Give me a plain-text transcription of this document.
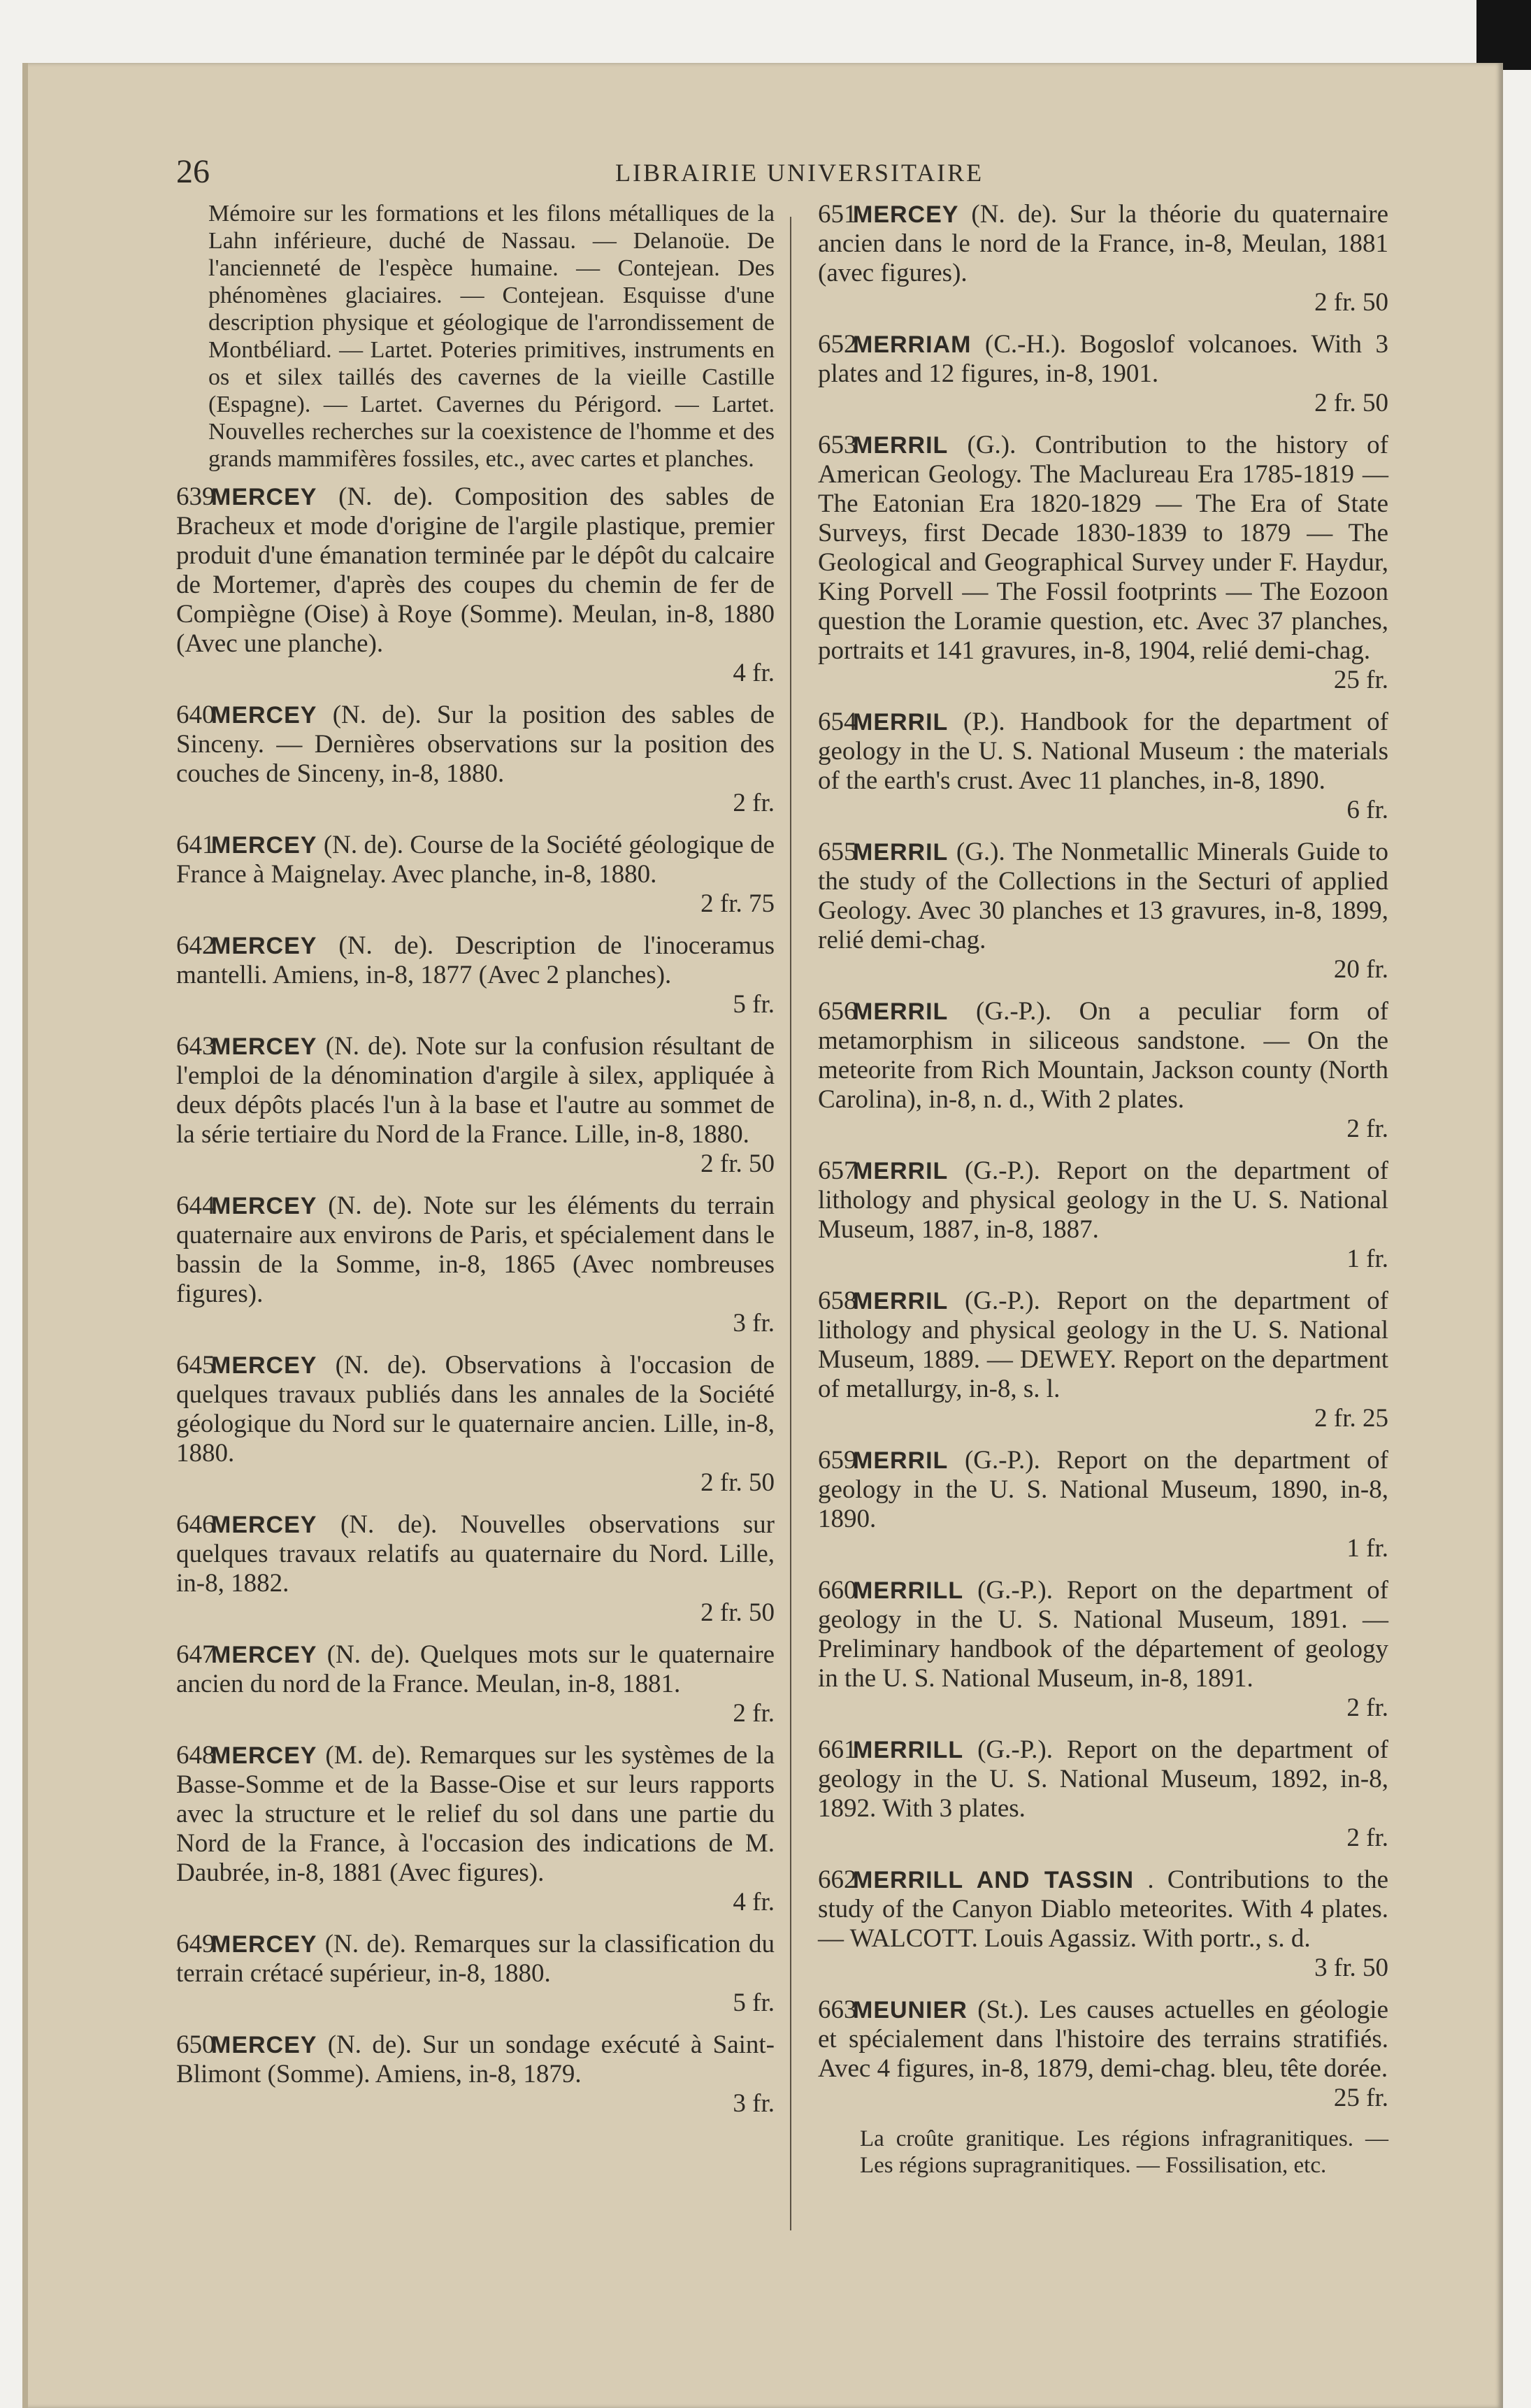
26	LIBRAIRIE UNIVERSITAIRE

Mémoire sur les formations et les filons métalliques de la Lahn inférieure, duché de Nassau. — Delanoüe. De l'ancienneté de l'espèce humaine. — Contejean. Des phénomènes glaciaires. — Contejean. Esquisse d'une description physique et géologique de l'arrondissement de Montbéliard. — Lartet. Poteries primitives, instruments en os et silex taillés des cavernes de la vieille Castille (Espagne). — Lartet. Cavernes du Périgord. — Lartet. Nouvelles recherches sur la coexistence de l'homme et des grands mammifères fossiles, etc., avec cartes et planches.

639MERCEY (N. de). Composition des sables de Bracheux et mode d'origine de l'argile plastique, premier produit d'une émanation terminée par le dépôt du calcaire de Mortemer, d'après des coupes du chemin de fer de Compiègne (Oise) à Roye (Somme). Meulan, in-8, 1880 (Avec une planche).
4 fr.
640MERCEY (N. de). Sur la position des sables de Sinceny. — Dernières observations sur la position des couches de Sinceny, in-8, 1880.
2 fr.
641MERCEY (N. de). Course de la Société géologique de France à Maignelay. Avec planche, in-8, 1880.
2 fr. 75
642MERCEY (N. de). Description de l'inoceramus mantelli. Amiens, in-8, 1877 (Avec 2 planches).
5 fr.
643MERCEY (N. de). Note sur la confusion résultant de l'emploi de la dénomination d'argile à silex, appliquée à deux dépôts placés l'un à la base et l'autre au sommet de la série tertiaire du Nord de la France. Lille, in-8, 1880.
2 fr. 50
644MERCEY (N. de). Note sur les éléments du terrain quaternaire aux environs de Paris, et spécialement dans le bassin de la Somme, in-8, 1865 (Avec nombreuses figures).
3 fr.
645MERCEY (N. de). Observations à l'occasion de quelques travaux publiés dans les annales de la Société géologique du Nord sur le quaternaire ancien. Lille, in-8, 1880.
2 fr. 50
646MERCEY (N. de). Nouvelles observations sur quelques travaux relatifs au quaternaire du Nord. Lille, in-8, 1882.
2 fr. 50
647MERCEY (N. de). Quelques mots sur le quaternaire ancien du nord de la France. Meulan, in-8, 1881.
2 fr.
648MERCEY (M. de). Remarques sur les systèmes de la Basse-Somme et de la Basse-Oise et sur leurs rapports avec la structure et le relief du sol dans une partie du Nord de la France, à l'occasion des indications de M. Daubrée, in-8, 1881 (Avec figures).
4 fr.
649MERCEY (N. de). Remarques sur la classification du terrain crétacé supérieur, in-8, 1880.
5 fr.
650MERCEY (N. de). Sur un sondage exécuté à Saint-Blimont (Somme). Amiens, in-8, 1879.
3 fr.
651MERCEY (N. de). Sur la théorie du quaternaire ancien dans le nord de la France, in-8, Meulan, 1881 (avec figures).
2 fr. 50
652MERRIAM (C.-H.). Bogoslof volcanoes. With 3 plates and 12 figures, in-8, 1901.
2 fr. 50
653MERRIL (G.). Contribution to the history of American Geology. The Maclureau Era 1785-1819 — The Eatonian Era 1820-1829 — The Era of State Surveys, first Decade 1830-1839 to 1879 — The Geological and Geographical Survey under F. Haydur, King Porvell — The Fossil footprints — The Eozoon question the Loramie question, etc. Avec 37 planches, portraits et 141 gravures, in-8, 1904, relié demi-chag.
25 fr.
654MERRIL (P.). Handbook for the department of geology in the U. S. National Museum : the materials of the earth's crust. Avec 11 planches, in-8, 1890.
6 fr.
655MERRIL (G.). The Nonmetallic Minerals Guide to the study of the Collections in the Secturi of applied Geology. Avec 30 planches et 13 gravures, in-8, 1899, relié demi-chag.
20 fr.
656MERRIL (G.-P.). On a peculiar form of metamorphism in siliceous sandstone. — On the meteorite from Rich Mountain, Jackson county (North Carolina), in-8, n. d., With 2 plates.
2 fr.
657MERRIL (G.-P.). Report on the department of lithology and physical geology in the U. S. National Museum, 1887, in-8, 1887.
1 fr.
658MERRIL (G.-P.). Report on the department of lithology and physical geology in the U. S. National Museum, 1889. — DEWEY. Report on the department of metallurgy, in-8, s. l.
2 fr. 25
659MERRIL (G.-P.). Report on the department of geology in the U. S. National Museum, 1890, in-8, 1890.
1 fr.
660MERRILL (G.-P.). Report on the department of geology in the U. S. National Museum, 1891. — Preliminary handbook of the département of geology in the U. S. National Museum, in-8, 1891.
2 fr.
661MERRILL (G.-P.). Report on the department of geology in the U. S. National Museum, 1892, in-8, 1892. With 3 plates.
2 fr.
662MERRILL AND TASSIN . Contributions to the study of the Canyon Diablo meteorites. With 4 plates. — WALCOTT. Louis Agassiz. With portr., s. d.
3 fr. 50
663MEUNIER (St.). Les causes actuelles en géologie et spécialement dans l'histoire des terrains stratifiés. Avec 4 figures, in-8, 1879, demi-chag. bleu, tête dorée.
25 fr.

La croûte granitique. Les régions infragranitiques. — Les régions supragranitiques. — Fossilisation, etc.
